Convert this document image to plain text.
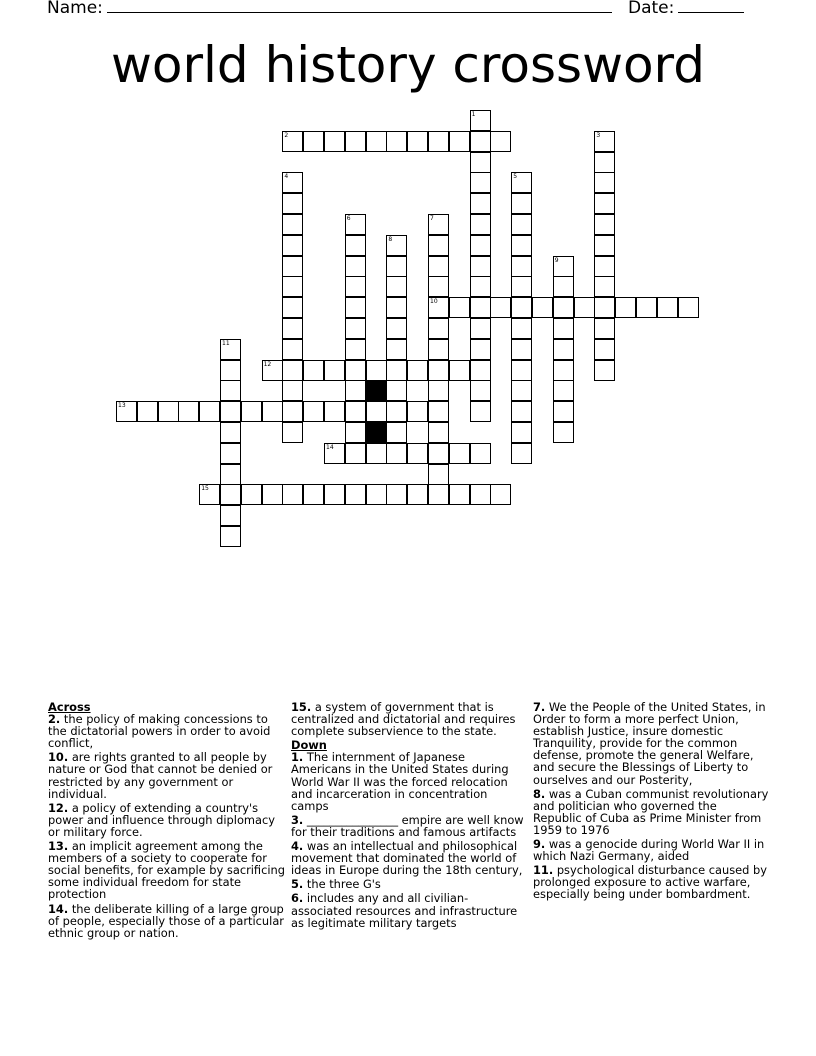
Name:	Date:
world history crossword
1
2	3
4	5
6	7
10
8
9
11
12
13
14
15
Across
2. the policy of making concessions to the dictatorial powers in order to avoid conflict,
10. are rights granted to all people by nature or God that cannot be denied or restricted by any government or individual.
12. a policy of extending a country's power and influence through diplomacy or military force.
13. an implicit agreement among the members of a society to cooperate for social benefits, for example by sacrificing some individual freedom for state protection
14. the deliberate killing of a large group of people, especially those of a particular ethnic group or nation.
15. a system of government that is centralized and dictatorial and requires complete subservience to the state.
Down
1. The internment of Japanese Americans in the United States during World War II was the forced relocation and incarceration in concentration camps
3. ________________ empire are well know for their traditions and famous artifacts
4. was an intellectual and philosophical movement that dominated the world of ideas in Europe during the 18th century,
5. the three G's
6. includes any and all civilian-associated resources and infrastructure as legitimate military targets
7. We the People of the United States, in Order to form a more perfect Union, establish Justice, insure domestic Tranquility, provide for the common defense, promote the general Welfare, and secure the Blessings of Liberty to ourselves and our Posterity,
8. was a Cuban communist revolutionary and politician who governed the Republic of Cuba as Prime Minister from 1959 to 1976
9. was a genocide during World War II in which Nazi Germany, aided
11. psychological disturbance caused by prolonged exposure to active warfare, especially being under bombardment.
